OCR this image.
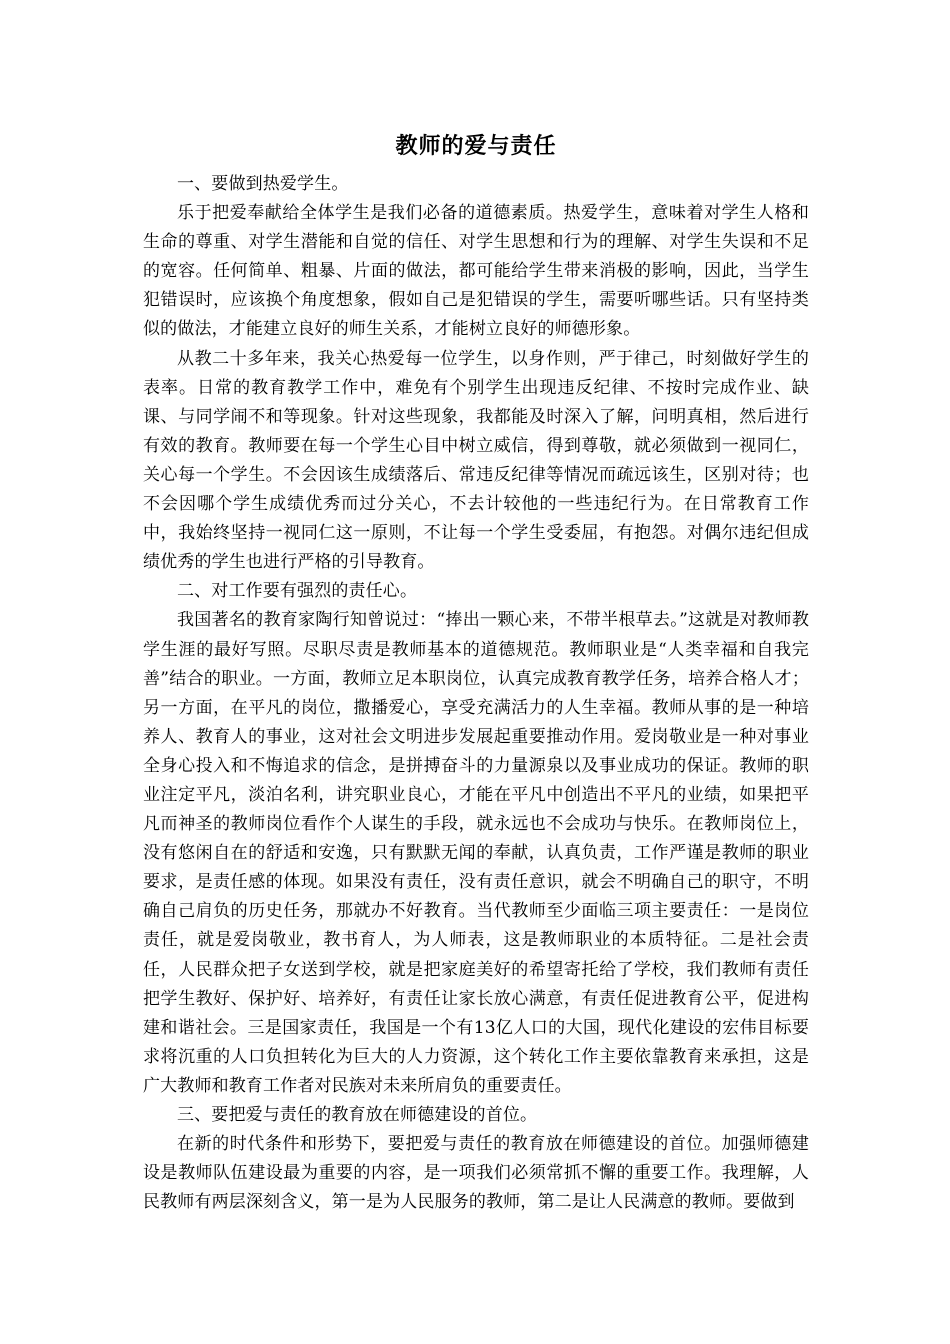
教师的爱与责任

一、要做到热爱学生。

乐于把爱奉献给全体学生是我们必备的道德素质。热爱学生，意味着对学生人格和生命的尊重、对学生潜能和自觉的信任、对学生思想和行为的理解、对学生失误和不足的宽容。任何简单、粗暴、片面的做法，都可能给学生带来消极的影响，因此，当学生犯错误时，应该换个角度想象，假如自己是犯错误的学生，需要听哪些话。只有坚持类似的做法，才能建立良好的师生关系，才能树立良好的师德形象。

从教二十多年来，我关心热爱每一位学生，以身作则，严于律己，时刻做好学生的表率。日常的教育教学工作中，难免有个别学生出现违反纪律、不按时完成作业、缺课、与同学闹不和等现象。针对这些现象，我都能及时深入了解，问明真相，然后进行有效的教育。教师要在每一个学生心目中树立威信，得到尊敬，就必须做到一视同仁，关心每一个学生。不会因该生成绩落后、常违反纪律等情况而疏远该生，区别对待；也不会因哪个学生成绩优秀而过分关心，不去计较他的一些违纪行为。在日常教育工作中，我始终坚持一视同仁这一原则，不让每一个学生受委屈，有抱怨。对偶尔违纪但成绩优秀的学生也进行严格的引导教育。

二、对工作要有强烈的责任心。

我国著名的教育家陶行知曾说过：“捧出一颗心来，不带半根草去。”这就是对教师教学生涯的最好写照。尽职尽责是教师基本的道德规范。教师职业是“人类幸福和自我完善”结合的职业。一方面，教师立足本职岗位，认真完成教育教学任务，培养合格人才；另一方面，在平凡的岗位，撒播爱心，享受充满活力的人生幸福。教师从事的是一种培养人、教育人的事业，这对社会文明进步发展起重要推动作用。爱岗敬业是一种对事业全身心投入和不悔追求的信念，是拼搏奋斗的力量源泉以及事业成功的保证。教师的职业注定平凡，淡泊名利，讲究职业良心，才能在平凡中创造出不平凡的业绩，如果把平凡而神圣的教师岗位看作个人谋生的手段，就永远也不会成功与快乐。在教师岗位上，没有悠闲自在的舒适和安逸，只有默默无闻的奉献，认真负责，工作严谨是教师的职业要求，是责任感的体现。如果没有责任，没有责任意识，就会不明确自己的职守，不明确自己肩负的历史任务，那就办不好教育。当代教师至少面临三项主要责任：一是岗位责任，就是爱岗敬业，教书育人，为人师表，这是教师职业的本质特征。二是社会责任，人民群众把子女送到学校，就是把家庭美好的希望寄托给了学校，我们教师有责任把学生教好、保护好、培养好，有责任让家长放心满意，有责任促进教育公平，促进构建和谐社会。三是国家责任，我国是一个有13亿人口的大国，现代化建设的宏伟目标要求将沉重的人口负担转化为巨大的人力资源，这个转化工作主要依靠教育来承担，这是广大教师和教育工作者对民族对未来所肩负的重要责任。

三、要把爱与责任的教育放在师德建设的首位。

在新的时代条件和形势下，要把爱与责任的教育放在师德建设的首位。加强师德建设是教师队伍建设最为重要的内容，是一项我们必须常抓不懈的重要工作。我理解，人民教师有两层深刻含义，第一是为人民服务的教师，第二是让人民满意的教师。要做到
